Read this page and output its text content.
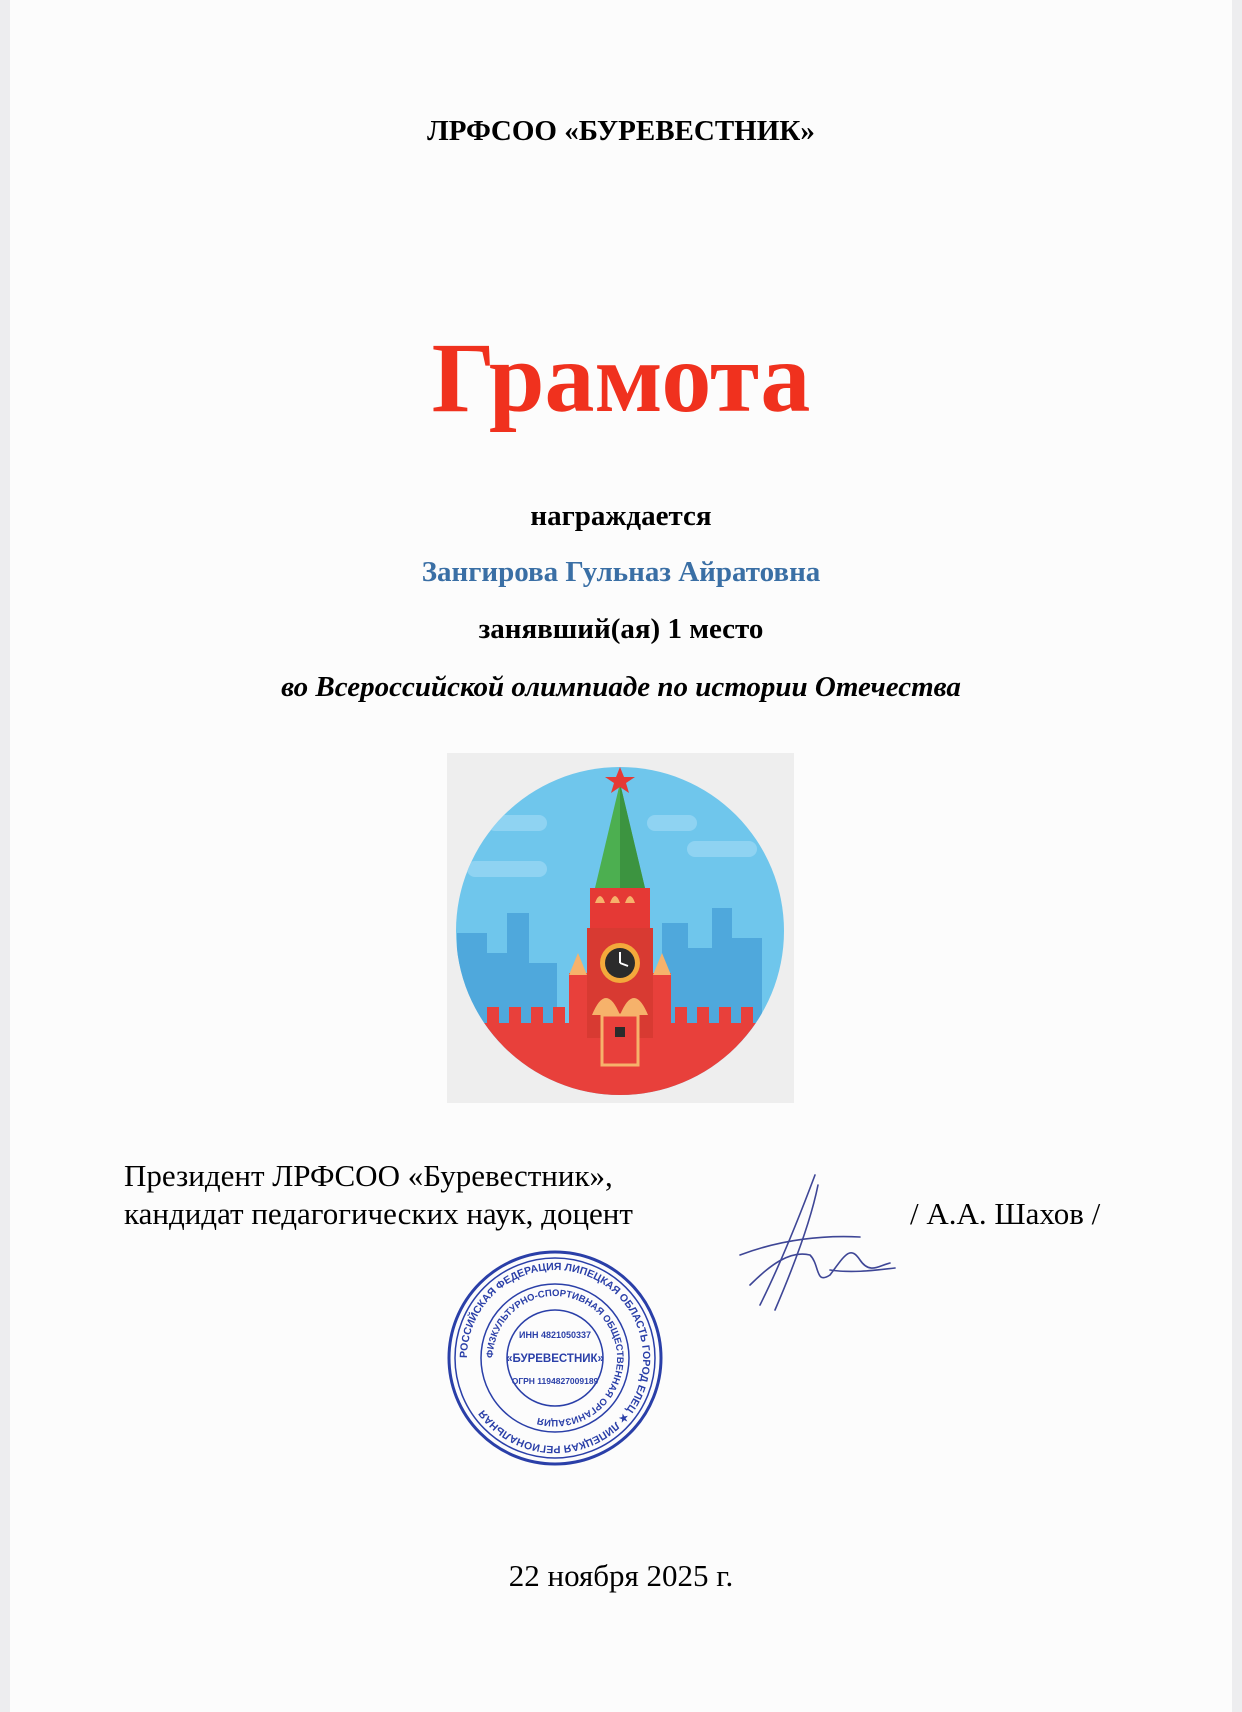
ЛРФСОО «БУРЕВЕСТНИК»
Грамота
награждается
Зангирова Гульназ Айратовна
занявший(ая) 1 место
во Всероссийской олимпиаде по истории Отечества
Президент ЛРФСОО «Буревестник»,
кандидат педагогических наук, доцент	/ А.А. Шахов /
РОССИЙСКАЯ ФЕДЕРАЦИЯ ЛИПЕЦКАЯ ОБЛАСТЬ ГОРОД ЕЛЕЦ ★ ЛИПЕЦКАЯ РЕГИОНАЛЬНАЯ
ФИЗКУЛЬТУРНО-СПОРТИВНАЯ ОБЩЕСТВЕННАЯ ОРГАНИЗАЦИЯ
ИНН 4821050337
«БУРЕВЕСТНИК»
ОГРН 1194827009189
22 ноября 2025 г.
